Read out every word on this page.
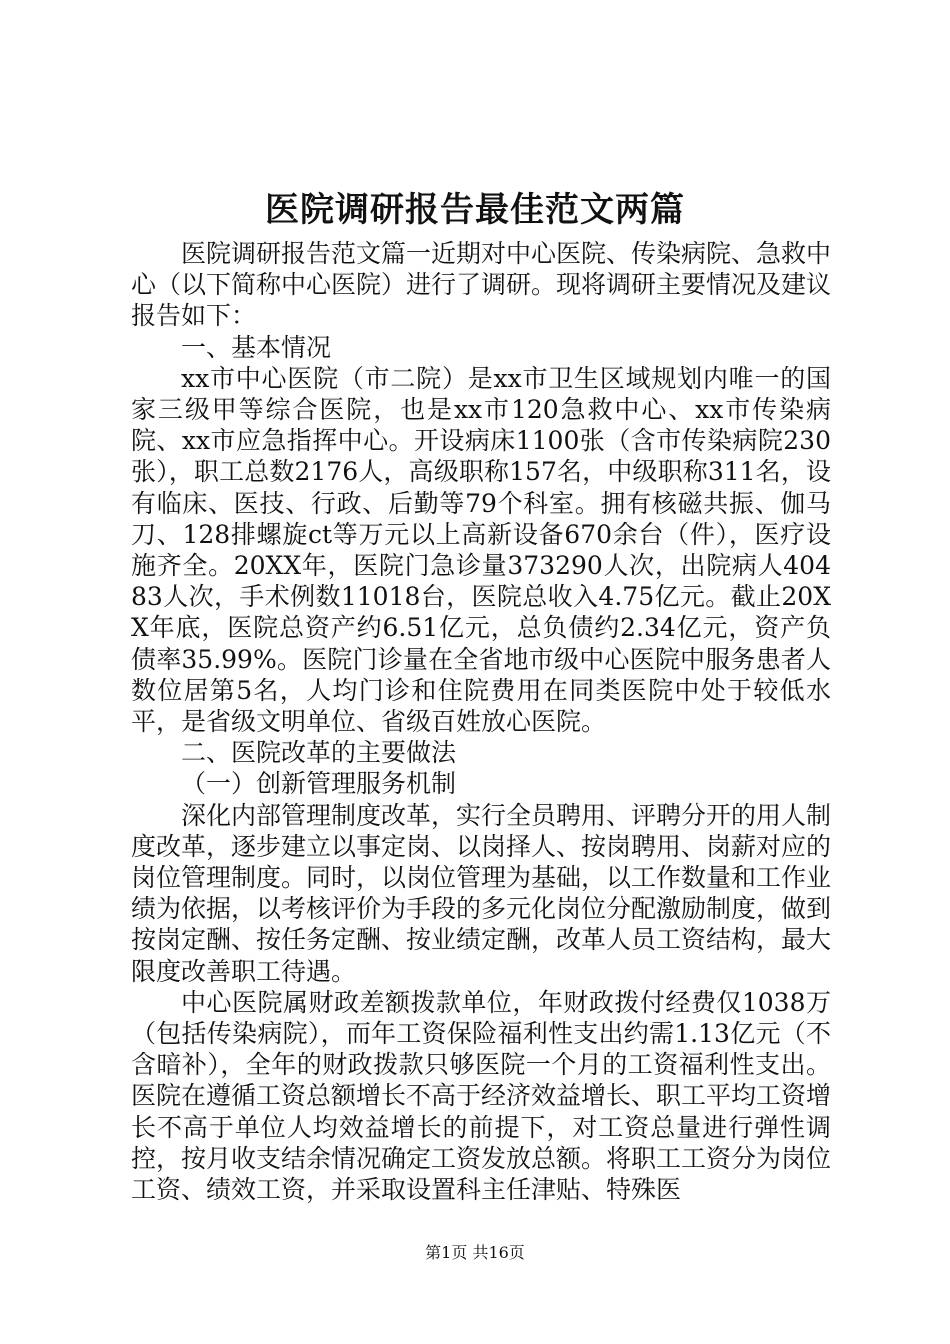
医院调研报告最佳范文两篇

医院调研报告范文篇一近期对中心医院、传染病院、急救中心（以下简称中心医院）进行了调研。现将调研主要情况及建议报告如下：

一、基本情况

xx市中心医院（市二院）是xx市卫生区域规划内唯一的国家三级甲等综合医院，也是xx市120急救中心、xx市传染病院、xx市应急指挥中心。开设病床1100张（含市传染病院230张），职工总数2176人，高级职称157名，中级职称311名，设有临床、医技、行政、后勤等79个科室。拥有核磁共振、伽马刀、128排螺旋ct等万元以上高新设备670余台（件），医疗设施齐全。20XX年，医院门急诊量373290人次，出院病人40483人次，手术例数11018台，医院总收入4.75亿元。截止20XX年底，医院总资产约6.51亿元，总负债约2.34亿元，资产负债率35.99%。医院门诊量在全省地市级中心医院中服务患者人数位居第5名，人均门诊和住院费用在同类医院中处于较低水平，是省级文明单位、省级百姓放心医院。

二、医院改革的主要做法

（一）创新管理服务机制

深化内部管理制度改革，实行全员聘用、评聘分开的用人制度改革，逐步建立以事定岗、以岗择人、按岗聘用、岗薪对应的岗位管理制度。同时，以岗位管理为基础，以工作数量和工作业绩为依据，以考核评价为手段的多元化岗位分配激励制度，做到按岗定酬、按任务定酬、按业绩定酬，改革人员工资结构，最大限度改善职工待遇。

中心医院属财政差额拨款单位，年财政拨付经费仅1038万（包括传染病院），而年工资保险福利性支出约需1.13亿元（不含暗补），全年的财政拨款只够医院一个月的工资福利性支出。医院在遵循工资总额增长不高于经济效益增长、职工平均工资增长不高于单位人均效益增长的前提下，对工资总量进行弹性调控，按月收支结余情况确定工资发放总额。将职工工资分为岗位工资、绩效工资，并采取设置科主任津贴、特殊医

第1页 共16页
